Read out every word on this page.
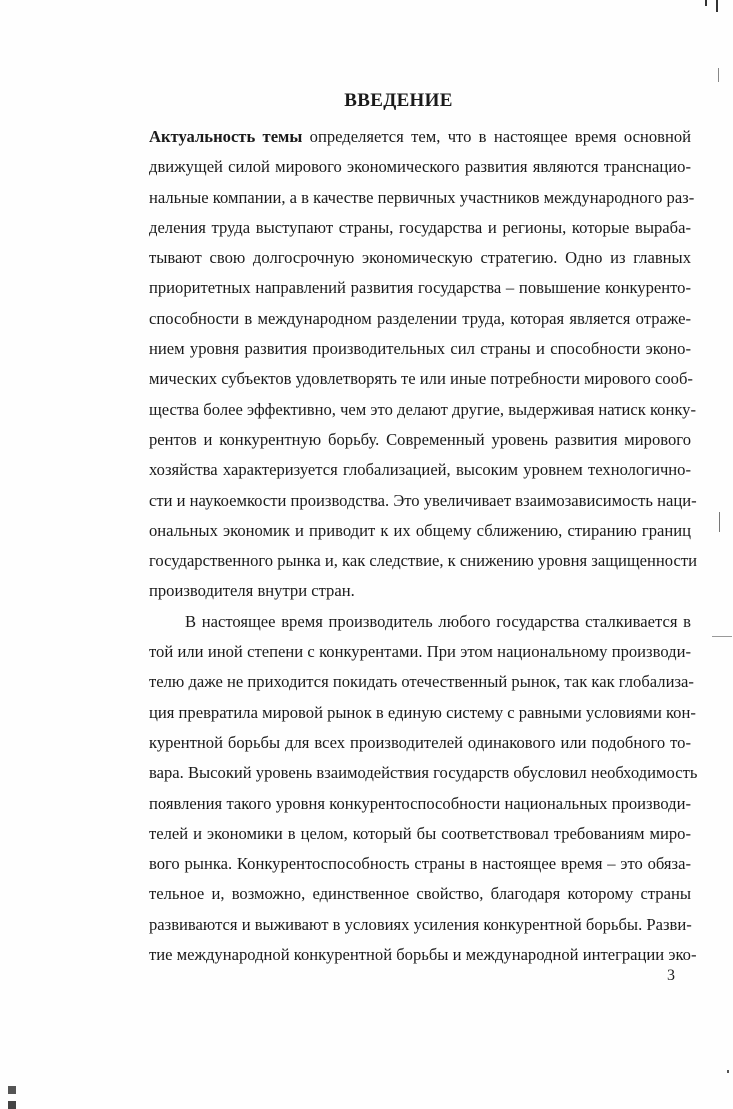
ВВЕДЕНИЕ
Актуальность темы определяется тем, что в настоящее время основной
движущей силой мирового экономического развития являются транснацио-
нальные компании, а в качестве первичных участников международного раз-
деления труда выступают страны, государства и регионы, которые выраба-
тывают свою долгосрочную экономическую стратегию. Одно из главных
приоритетных направлений развития государства – повышение конкуренто-
способности в международном разделении труда, которая является отраже-
нием уровня развития производительных сил страны и способности эконо-
мических субъектов удовлетворять те или иные потребности мирового сооб-
щества более эффективно, чем это делают другие, выдерживая натиск конку-
рентов и конкурентную борьбу. Современный уровень развития мирового
хозяйства характеризуется глобализацией, высоким уровнем технологично-
сти и наукоемкости производства. Это увеличивает взаимозависимость наци-
ональных экономик и приводит к их общему сближению, стиранию границ
государственного рынка и, как следствие, к снижению уровня защищенности
производителя внутри стран.
В настоящее время производитель любого государства сталкивается в
той или иной степени с конкурентами. При этом национальному производи-
телю даже не приходится покидать отечественный рынок, так как глобализа-
ция превратила мировой рынок в единую систему с равными условиями кон-
курентной борьбы для всех производителей одинакового или подобного то-
вара. Высокий уровень взаимодействия государств обусловил необходимость
появления такого уровня конкурентоспособности национальных производи-
телей и экономики в целом, который бы соответствовал требованиям миро-
вого рынка. Конкурентоспособность страны в настоящее время – это обяза-
тельное и, возможно, единственное свойство, благодаря которому страны
развиваются и выживают в условиях усиления конкурентной борьбы. Разви-
тие международной конкурентной борьбы и международной интеграции эко-
3
